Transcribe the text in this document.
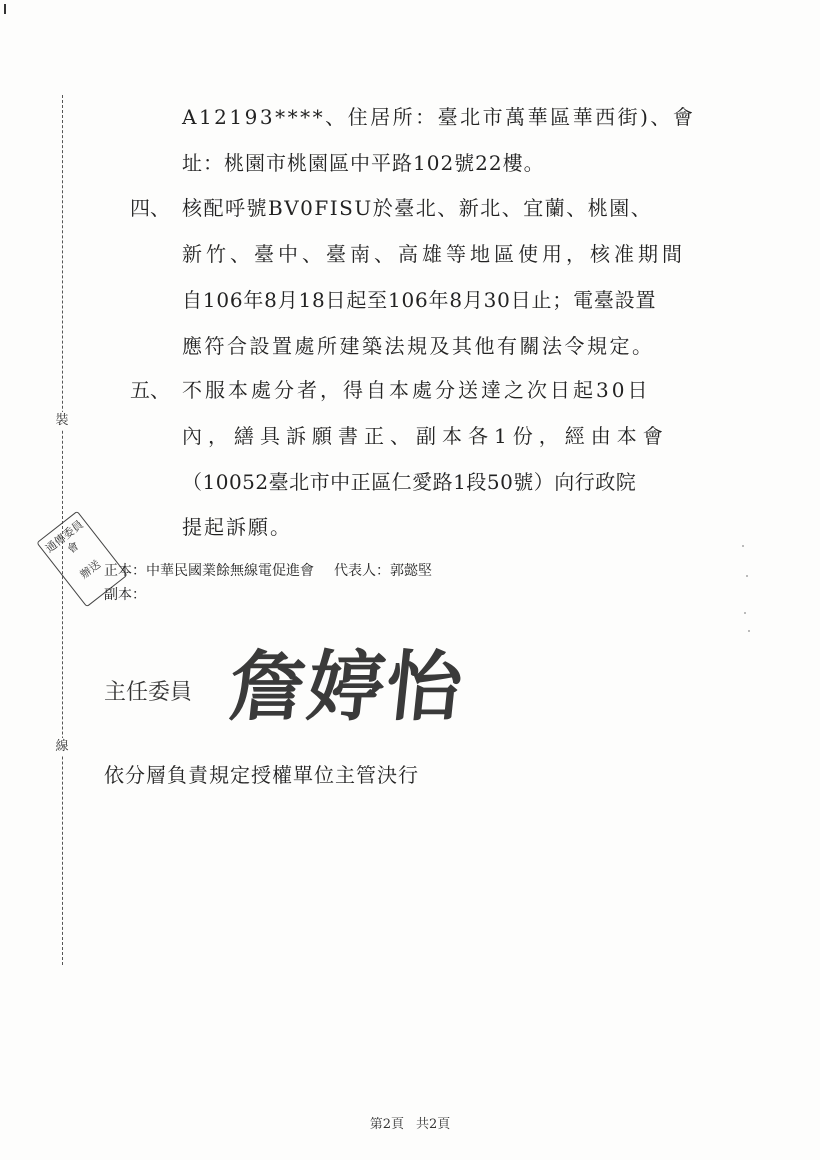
裝
線
A12193****、住居所：臺北市萬華區華西街)、會
址：桃園市桃園區中平路102號22樓。
四、 核配呼號BV0FISU於臺北、新北、宜蘭、桃園、
新竹、臺中、臺南、高雄等地區使用，核准期間
自106年8月18日起至106年8月30日止；電臺設置
應符合設置處所建築法規及其他有關法令規定。
五、 不服本處分者，得自本處分送達之次日起30日
內，繕具訴願書正、副本各1份，經由本會
（10052臺北市中正區仁愛路1段50號）向行政院
提起訴願。
通傳委員會
辦送 正本：中華民國業餘無線電促進會 代表人：郭懿堅
副本：
主任委員 詹婷怡
依分層負責規定授權單位主管決行
第2頁 共2頁
